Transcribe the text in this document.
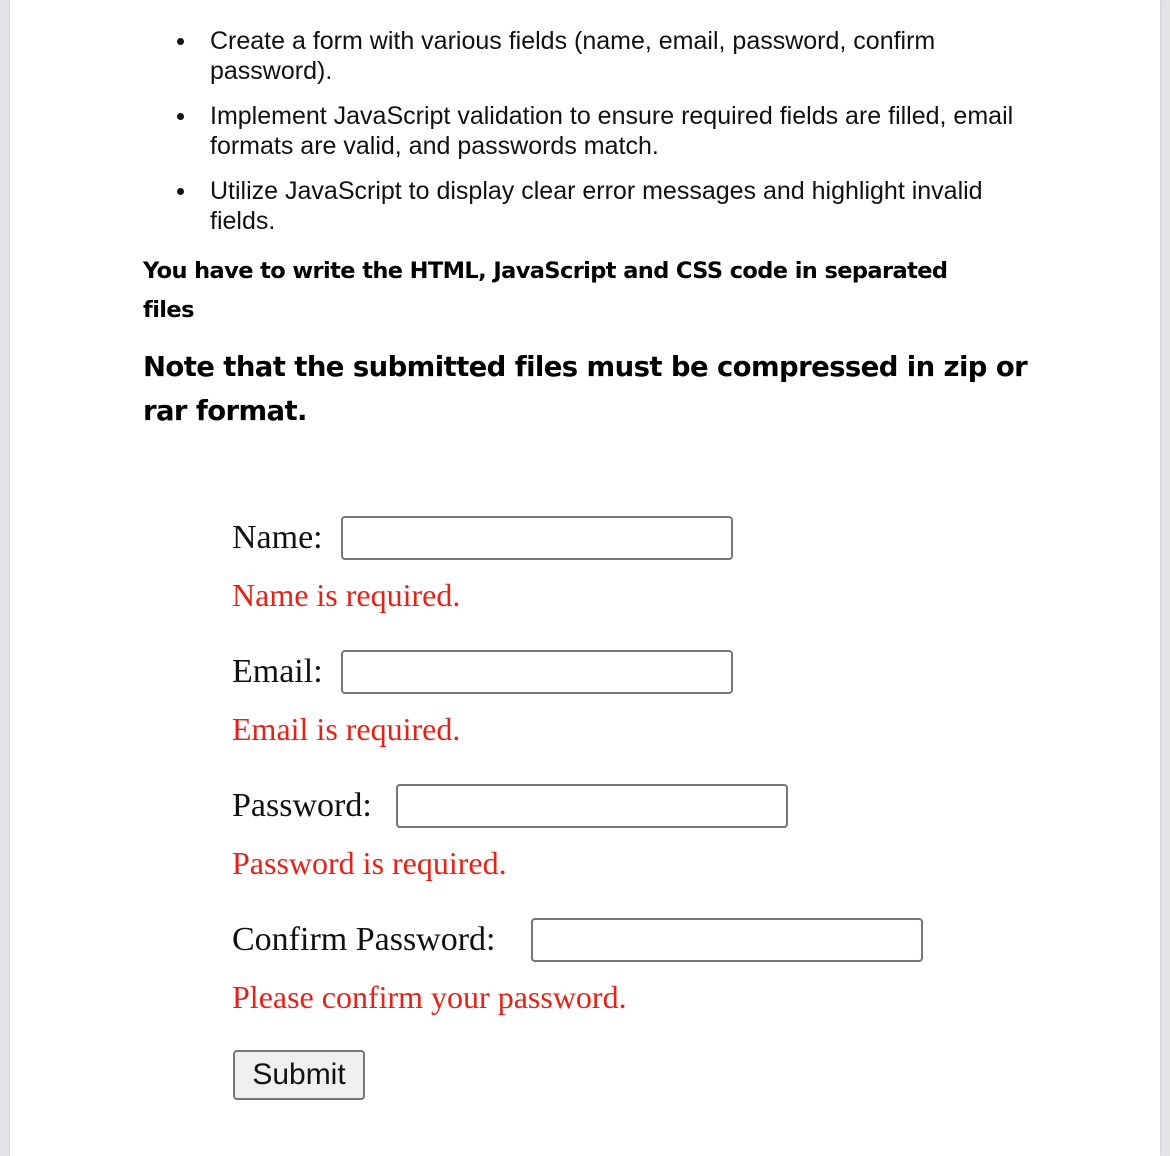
Create a form with various fields (name, email, password, confirm password).
Implement JavaScript validation to ensure required fields are filled, email formats are valid, and passwords match.
Utilize JavaScript to display clear error messages and highlight invalid fields.

You have to write the HTML, JavaScript and CSS code in separated files

Note that the submitted files must be compressed in zip or rar format.

Name:
Name is required.
Email:
Email is required.
Password:
Password is required.
Confirm Password:
Please confirm your password.
Submit
